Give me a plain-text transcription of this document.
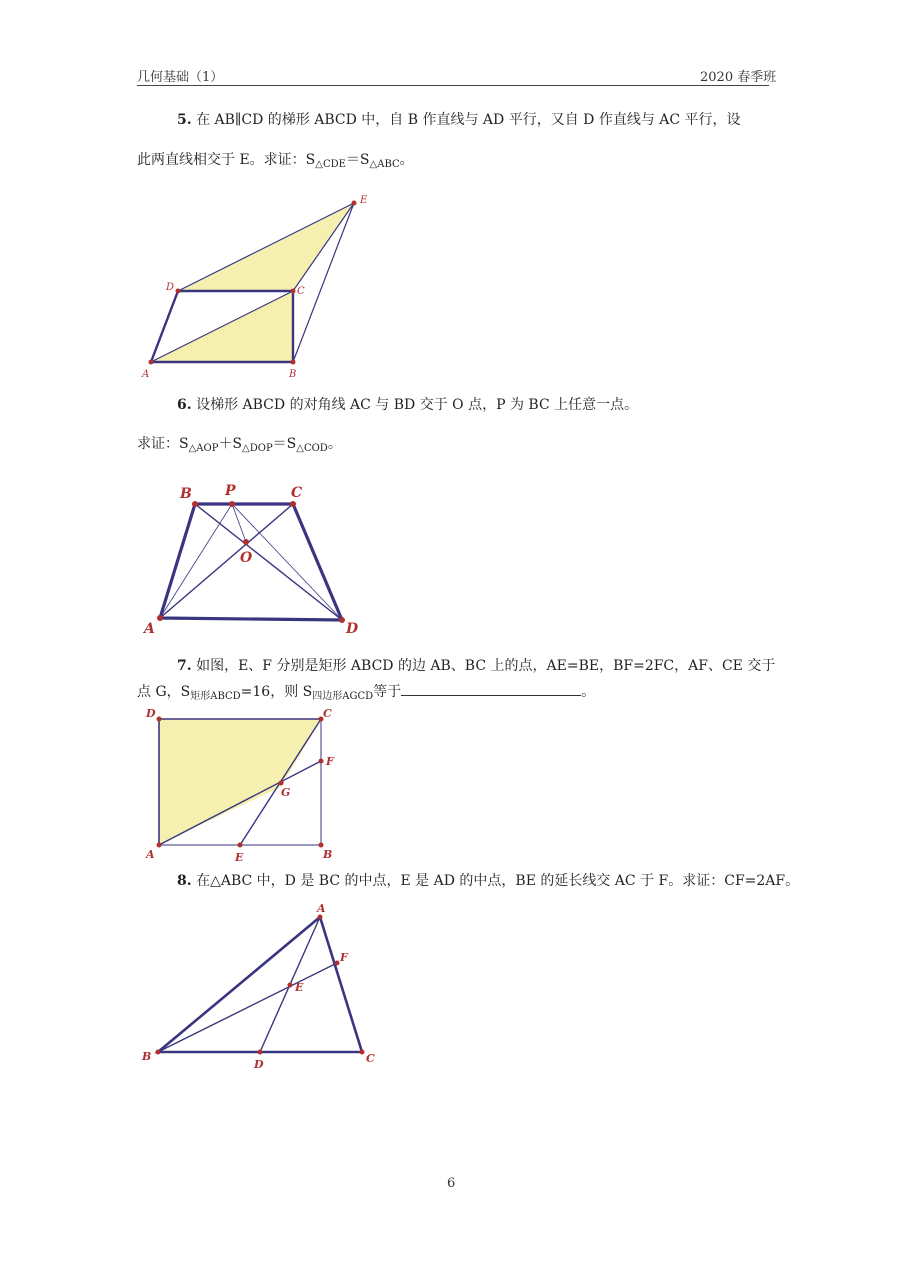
几何基础（1）	2020 春季班
5. 在 AB∥CD 的梯形 ABCD 中，自 B 作直线与 AD 平行，又自 D 作直线与 AC 平行，设
此两直线相交于 E。求证：$S_{\triangle CDE}=S_{\triangle ABC}$。
A	B
C
D
E
A
B	C
D
O
P
A	B
C
D
E
F
G
A
B	C
D
E
F
6. 设梯形 ABCD 的对角线 AC 与 BD 交于 O 点，P 为 BC 上任意一点。
求证：$S_{\triangle AOP}+S_{\triangle DOP}=S_{\triangle COD}$。
7. 如图，E、F 分别是矩形 ABCD 的边 AB、BC 上的点，AE=BE，BF=2FC，AF、CE 交于
点 G，$S_{矩形ABCD}=16$，则 $S_{四边形AGCD}$等于	。
8. 在△ABC 中，D 是 BC 的中点，E 是 AD 的中点，BE 的延长线交 AC 于 F。求证：CF=2AF。
6
